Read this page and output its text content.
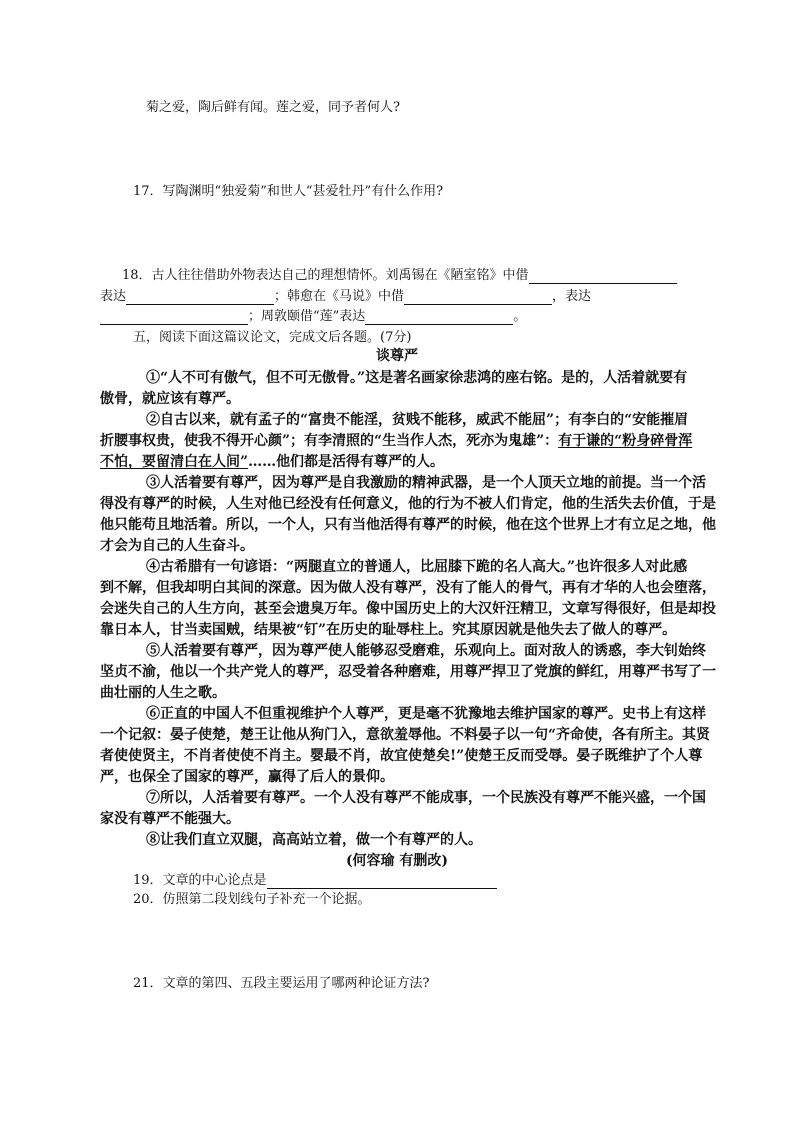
菊之爱，陶后鲜有闻。莲之爱，同予者何人?
17．写陶渊明“独爱菊”和世人“甚爱牡丹”有什么作用?
18．古人往往借助外物表达自己的理想情怀。刘禹锡在《陋室铭》中借
表达	；韩愈在《马说》中借	，表达
；周敦颐借“莲”表达	。
五，阅读下面这篇议论文，完成文后各题。(7分)
谈尊严
①“人不可有傲气，但不可无傲骨。”这是著名画家徐悲鸿的座右铭。是的，人活着就要有
傲骨，就应该有尊严。
②自古以来，就有孟子的“富贵不能淫，贫贱不能移，威武不能屈”；有李白的“安能摧眉
折腰事权贵，使我不得开心颜”；有李清照的“生当作人杰，死亦为鬼雄”：有于谦的“粉身碎骨浑
不怕，要留清白在人间”……他们都是活得有尊严的人。
③人活着要有尊严，因为尊严是自我激励的精神武器，是一个人顶天立地的前提。当一个活
得没有尊严的时候，人生对他已经没有任何意义，他的行为不被人们肯定，他的生活失去价值，于是
他只能苟且地活着。所以，一个人，只有当他活得有尊严的时候，他在这个世界上才有立足之地，他
才会为自己的人生奋斗。
④古希腊有一句谚语：“两腿直立的普通人，比屈膝下跪的名人高大。”也许很多人对此感
到不解，但我却明白其间的深意。因为做人没有尊严，没有了能人的骨气，再有才华的人也会堕落，
会迷失自己的人生方向，甚至会遗臭万年。像中国历史上的大汉奸汪精卫，文章写得很好，但是却投
靠日本人，甘当卖国贼，结果被“钉”在历史的耻辱柱上。究其原因就是他失去了做人的尊严。
⑤人活着要有尊严，因为尊严使人能够忍受磨难，乐观向上。面对敌人的诱惑，李大钊始终
坚贞不渝，他以一个共产党人的尊严，忍受着各种磨难，用尊严捍卫了党旗的鲜红，用尊严书写了一
曲壮丽的人生之歌。
⑥正直的中国人不但重视维护个人尊严，更是毫不犹豫地去维护国家的尊严。史书上有这样
一个记叙：晏子使楚，楚王让他从狗门入，意欲羞辱他。不料晏子以一句“齐命使，各有所主。其贤
者使使贤主，不肖者使使不肖主。婴最不肖，故宜使楚矣!”使楚王反而受辱。晏子既维护了个人尊
严，也保全了国家的尊严，赢得了后人的景仰。
⑦所以，人活着要有尊严。一个人没有尊严不能成事，一个民族没有尊严不能兴盛，一个国
家没有尊严不能强大。
⑧让我们直立双腿，高高站立着，做一个有尊严的人。
(何容瑜 有删改)
19．文章的中心论点是
20．仿照第二段划线句子补充一个论据。
21．文章的第四、五段主要运用了哪两种论证方法?
